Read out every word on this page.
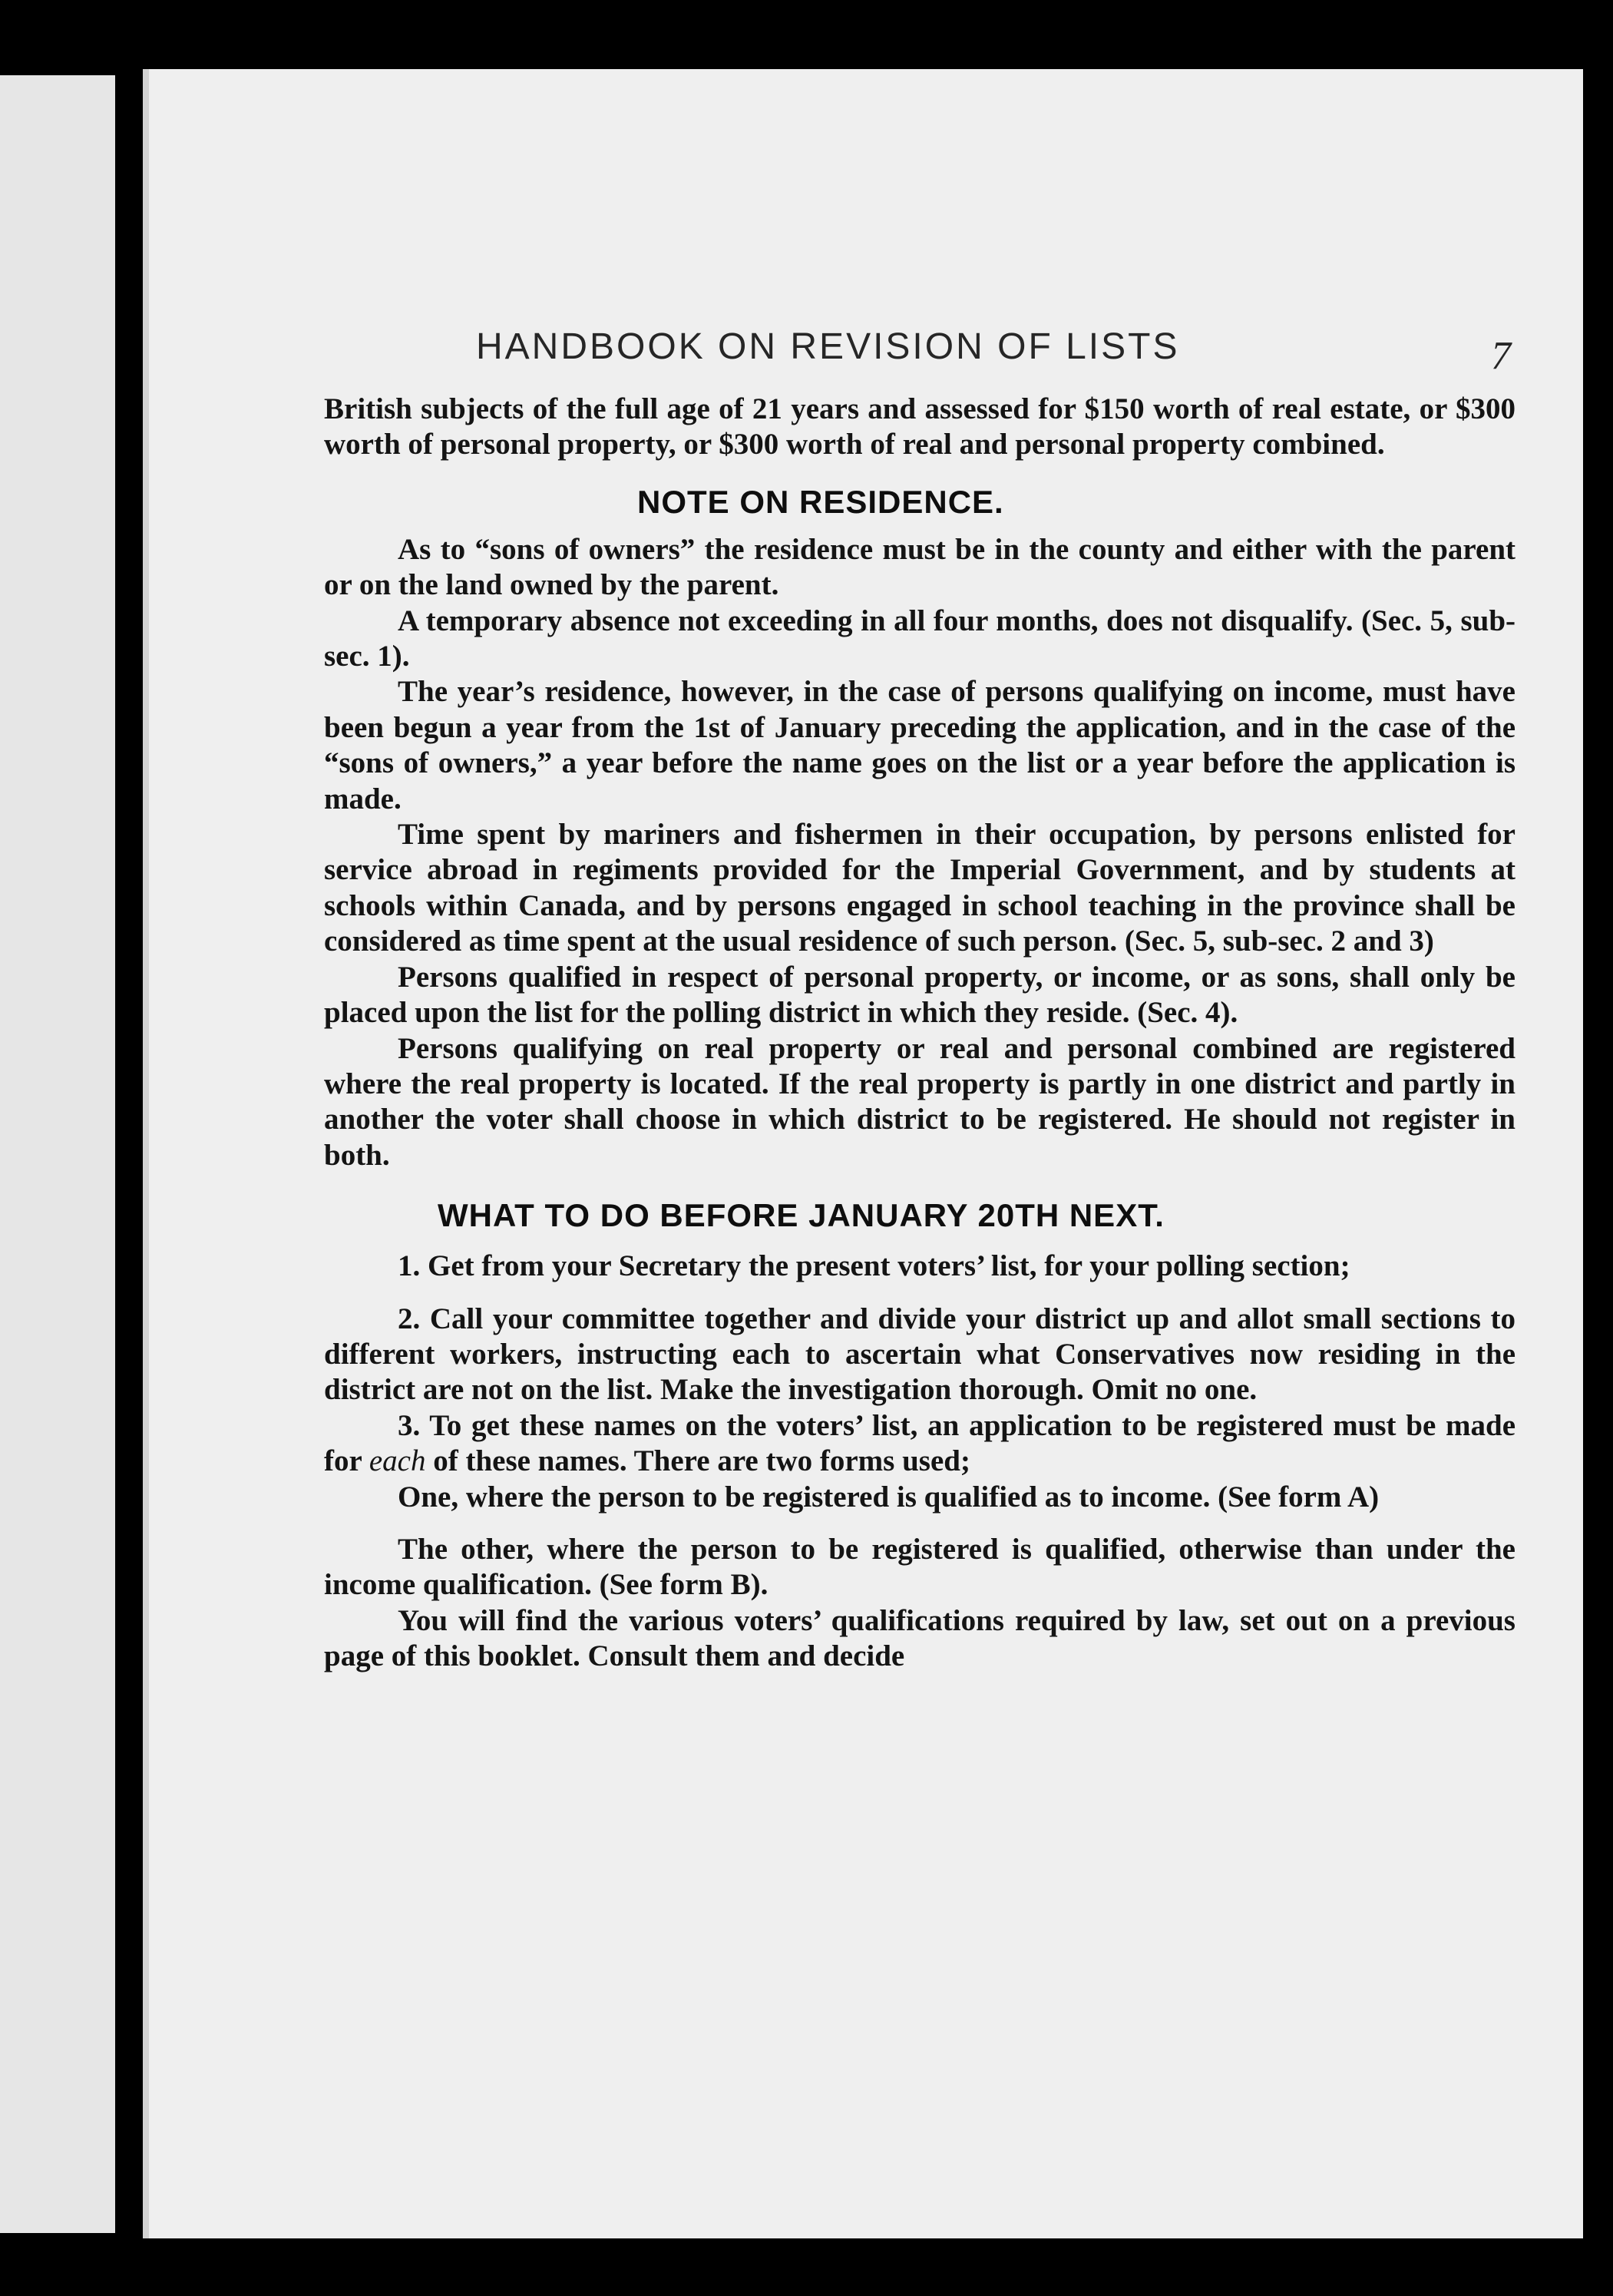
HANDBOOK ON REVISION OF LISTS	7

British subjects of the full age of 21 years and assessed for $150 worth of real estate, or $300 worth of personal property, or $300 worth of real and personal property combined.

NOTE ON RESIDENCE.

As to “sons of owners” the residence must be in the county and either with the parent or on the land owned by the parent.

A temporary absence not exceeding in all four months, does not disqualify. (Sec. 5, sub-sec. 1).

The year’s residence, however, in the case of persons qualifying on income, must have been begun a year from the 1st of January preceding the application, and in the case of the “sons of owners,” a year before the name goes on the list or a year before the application is made.

Time spent by mariners and fishermen in their occupation, by persons enlisted for service abroad in regiments provided for the Imperial Government, and by students at schools within Canada, and by persons engaged in school teaching in the province shall be considered as time spent at the usual residence of such person. (Sec. 5, sub-sec. 2 and 3)

Persons qualified in respect of personal property, or income, or as sons, shall only be placed upon the list for the polling district in which they reside. (Sec. 4).

Persons qualifying on real property or real and personal combined are registered where the real property is located. If the real property is partly in one district and partly in another the voter shall choose in which district to be registered. He should not register in both.

WHAT TO DO BEFORE JANUARY 20TH NEXT.

1. Get from your Secretary the present voters’ list, for your polling section;

2. Call your committee together and divide your district up and allot small sections to different workers, instructing each to ascertain what Conservatives now residing in the district are not on the list. Make the investigation thorough. Omit no one.

3. To get these names on the voters’ list, an application to be registered must be made for each of these names. There are two forms used;

One, where the person to be registered is qualified as to income. (See form A)

The other, where the person to be registered is qualified, otherwise than under the income qualification. (See form B).

You will find the various voters’ qualifications required by law, set out on a previous page of this booklet. Consult them and decide
